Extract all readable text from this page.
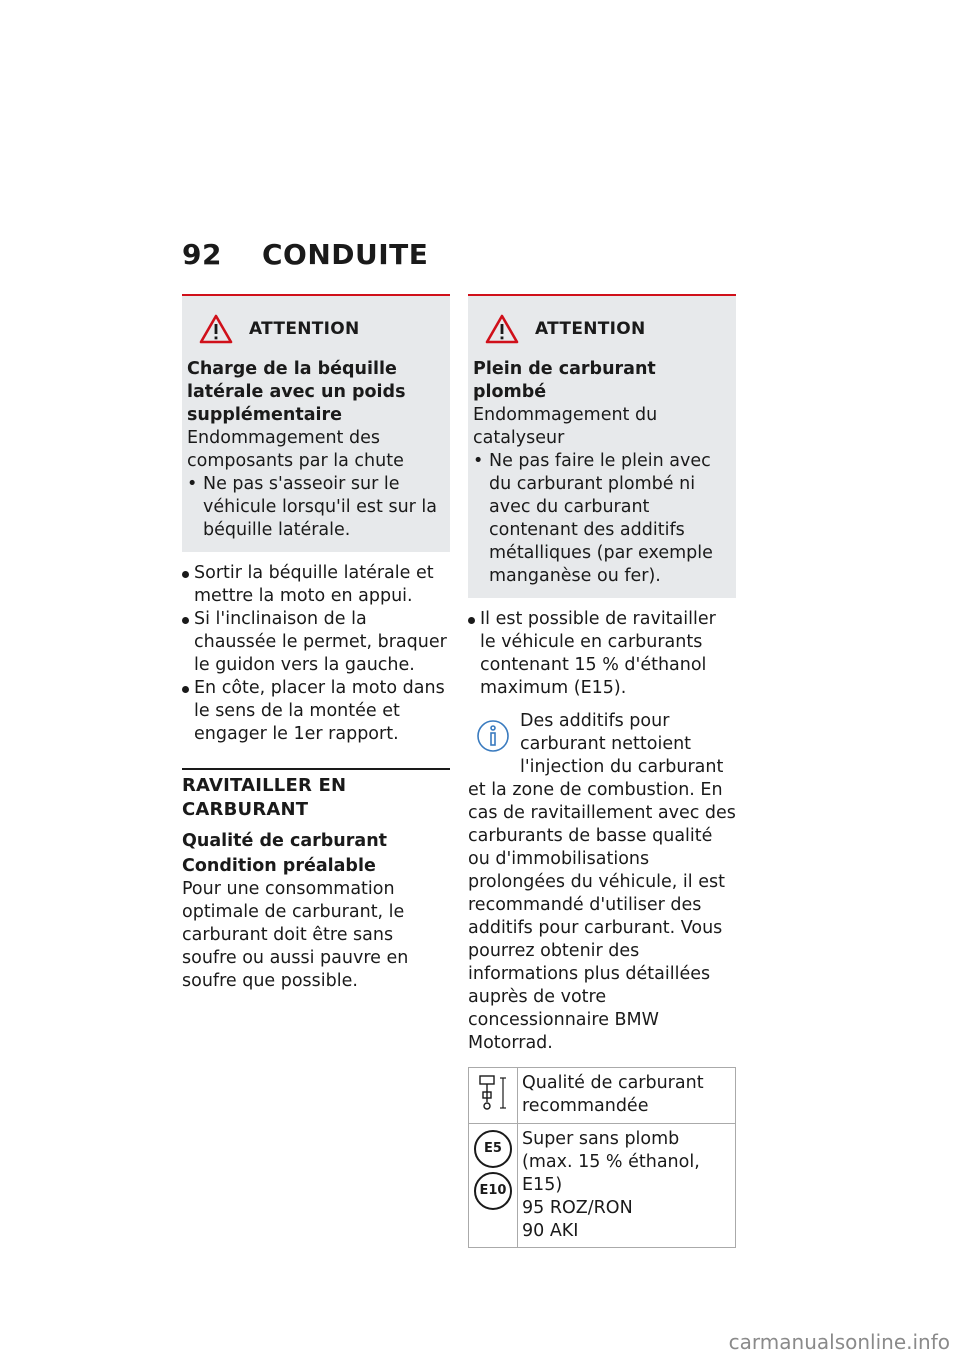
92 CONDUITE
ATTENTION
Charge de la béquille latérale avec un poids supplémentaire
Endommagement des composants par la chute
• Ne pas s'asseoir sur le véhicule lorsqu'il est sur la béquille latérale.
Sortir la béquille latérale et mettre la moto en appui.
Si l'inclinaison de la chaussée le permet, braquer le guidon vers la gauche.
En côte, placer la moto dans le sens de la montée et engager le 1er rapport.
RAVITAILLER EN CARBURANT
Qualité de carburant
Condition préalable
Pour une consommation optimale de carburant, le carburant doit être sans soufre ou aussi pauvre en soufre que possible.
ATTENTION
Plein de carburant plombé
Endommagement du catalyseur
• Ne pas faire le plein avec du carburant plombé ni avec du carburant contenant des additifs métalliques (par exemple manganèse ou fer).
Il est possible de ravitailler le véhicule en carburants contenant 15 % d'éthanol maximum (E15).
Des additifs pour carburant nettoient l'injection du carburant et la zone de combustion. En cas de ravitaillement avec des carburants de basse qualité ou d'immobilisations prolongées du véhicule, il est recommandé d'utiliser des additifs pour carburant. Vous pourrez obtenir des informations plus détaillées auprès de votre concessionnaire BMW Motorrad.
	Qualité de carburant recommandée
E5 E10	Super sans plomb (max. 15 % éthanol, E15)
95 ROZ/RON
90 AKI
carmanualsonline.info
